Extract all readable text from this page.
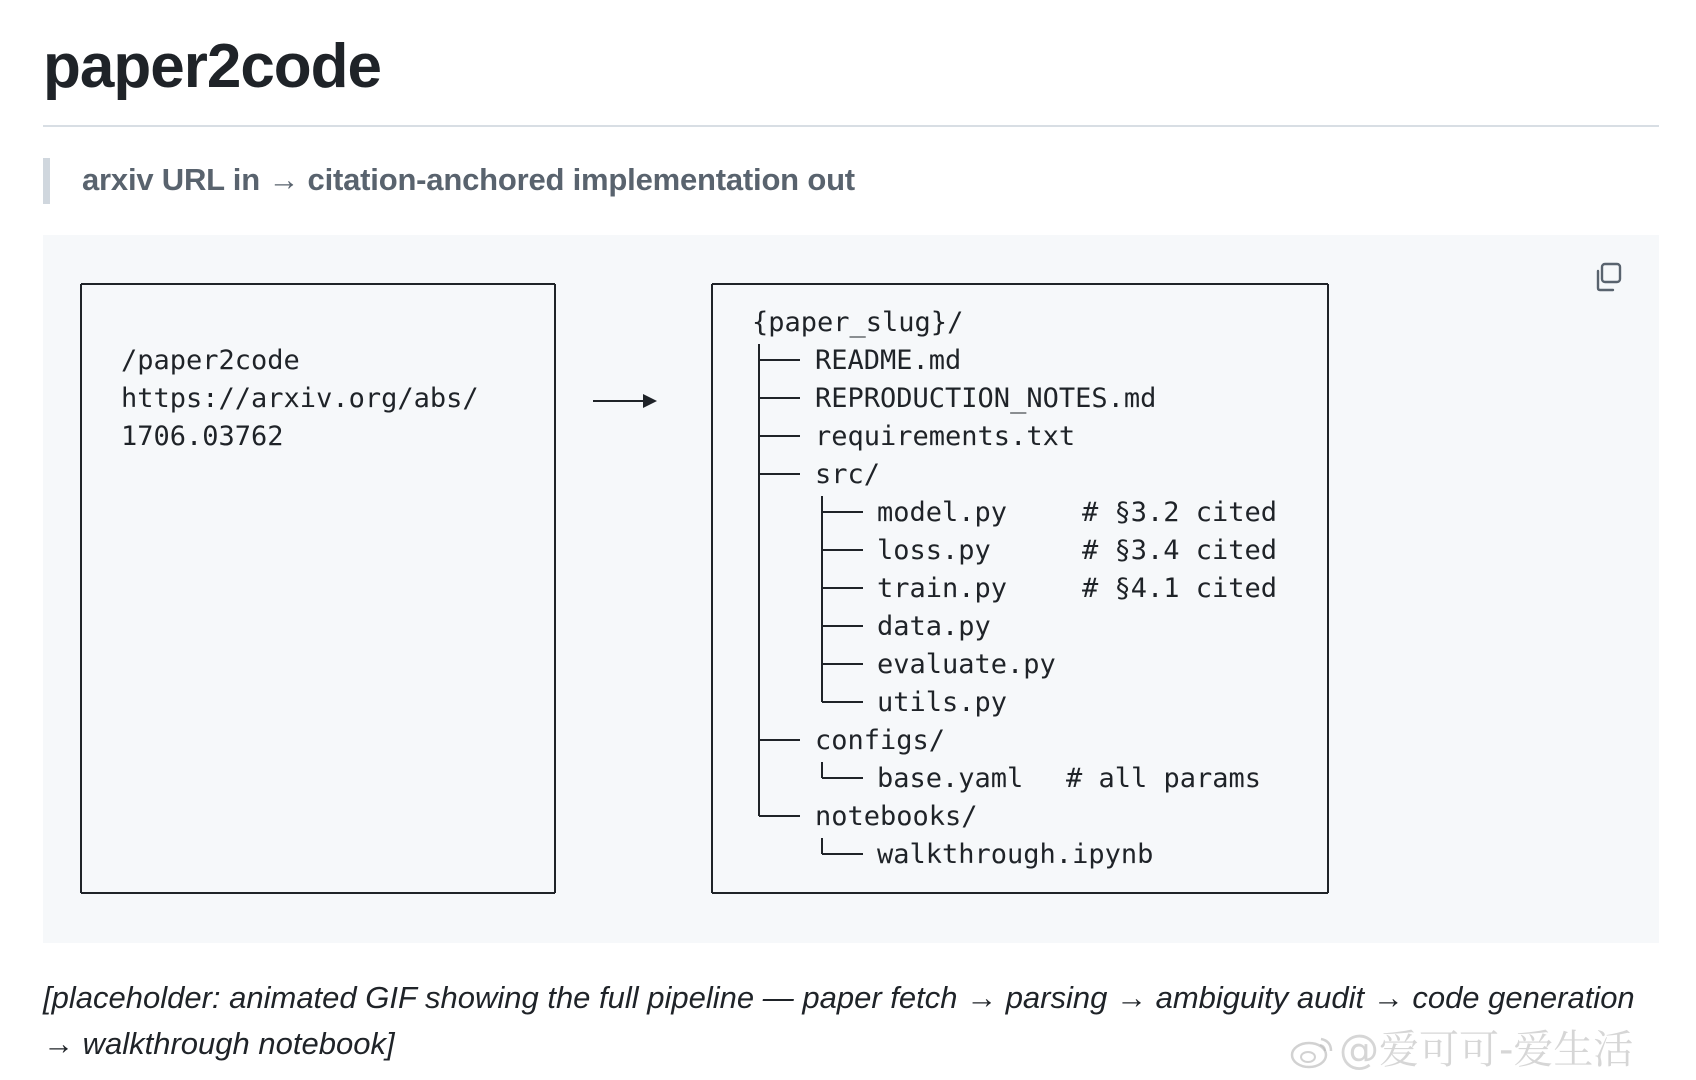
paper2code
arxiv URL in → citation-anchored implementation out
/paper2code
https://arxiv.org/abs/
1706.03762
{paper_slug}/
README.md
REPRODUCTION_NOTES.md
requirements.txt
src/
model.py	# §3.2 cited
loss.py	# §3.4 cited
train.py	# §4.1 cited
data.py
evaluate.py
utils.py
configs/
base.yaml # all params
notebooks/
walkthrough.ipynb

[placeholder: animated GIF showing the full pipeline — paper fetch → parsing → ambiguity audit → code generation
→ walkthrough notebook]	@爱可可-爱生活
